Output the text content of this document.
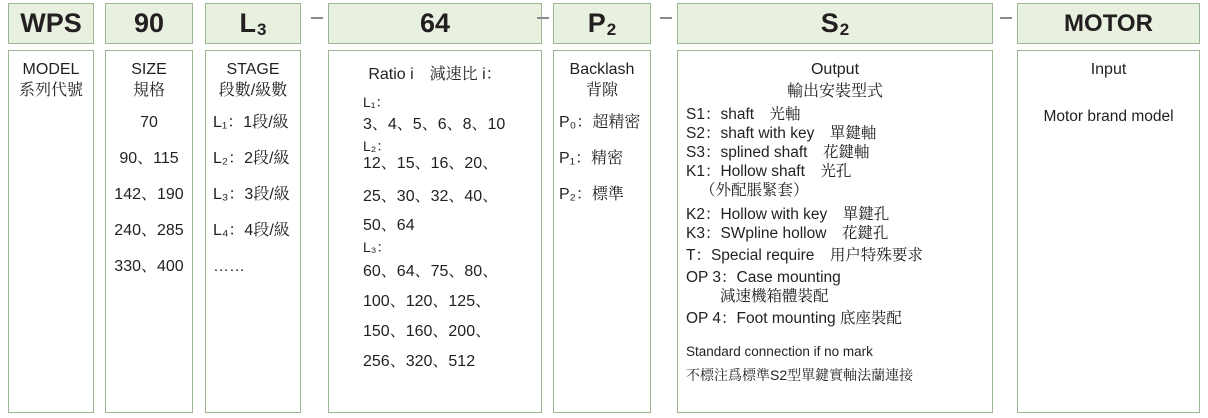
WPS
MODEL
系列代號
90
SIZE
規格
70
90、115
142、190
240、285
330、400
L 3
STAGE
段數/級數
L₁：1段/級
L₂：2段/級
L₃：3段/級
L₄：4段/級
……
64
Ratio i　減速比 i：
L₁：
3、4、5、6、8、10
L₂：
12、15、16、20、
25、30、32、40、
50、64
L₃：
60、64、75、80、
100、120、125、
150、160、200、
256、320、512
P 2
Backlash
背隙
P₀：超精密
P₁：精密
P₂：標準
S 2
Output
輸出安裝型式
S1：shaft　光軸
S2：shaft with key　單鍵軸
S3：splined shaft　花鍵軸
K1：Hollow shaft　光孔
（外配脹緊套）
K2：Hollow with key　單鍵孔
K3：SWpline hollow　花鍵孔
T：Special require　用户特殊要求
OP 3：Case mounting
減速機箱體裝配
OP 4：Foot mounting 底座裝配
Standard connection if no mark
不標注爲標準S2型單鍵實軸法蘭連接
MOTOR
Input
Motor brand model
